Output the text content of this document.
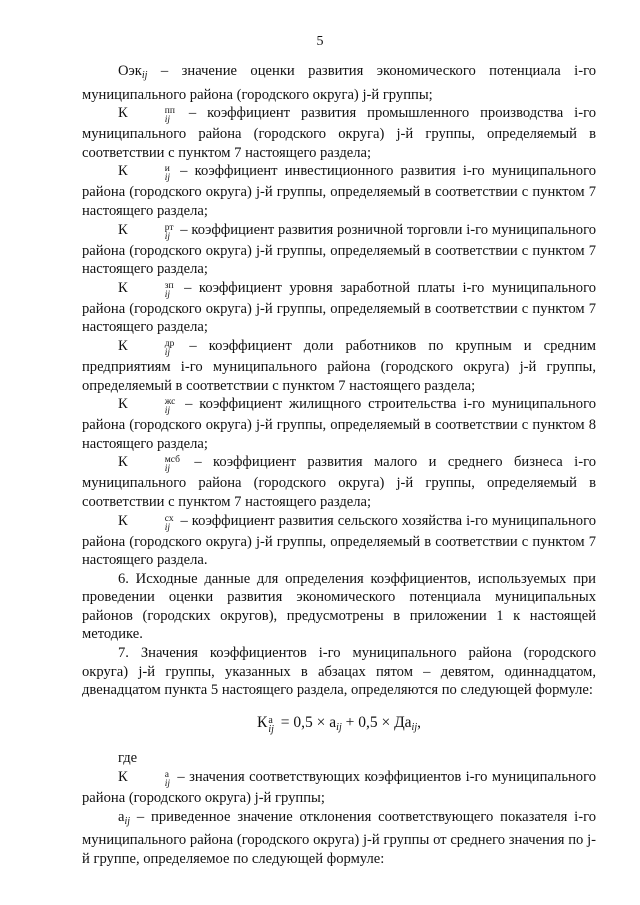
5

Оэк$_{ij}$ – значение оценки развития экономического потенциала i-го муниципального района (городского округа) j-й группы;

К	пп
ij – коэффициент развития промышленного производства i-го муниципального района (городского округа) j-й группы, определяемый в соответствии с пунктом 7 настоящего раздела;

К	и
ij – коэффициент инвестиционного развития i-го муниципального района (городского округа) j-й группы, определяемый в соответствии с пунктом 7 настоящего раздела;

К	рт
ij – коэффициент развития розничной торговли i-го муниципального района (городского округа) j-й группы, определяемый в соответствии с пунктом 7 настоящего раздела;

К	зп
ij – коэффициент уровня заработной платы i-го муниципального района (городского округа) j-й группы, определяемый в соответствии с пунктом 7 настоящего раздела;

К	др
ij – коэффициент доли работников по крупным и средним предприятиям i-го муниципального района (городского округа) j-й группы, определяемый в соответствии с пунктом 7 настоящего раздела;

К	жс
ij – коэффициент жилищного строительства i-го муниципального района (городского округа) j-й группы, определяемый в соответствии с пунктом 8 настоящего раздела;

К	мсб
ij – коэффициент развития малого и среднего бизнеса i-го муниципального района (городского округа) j-й группы, определяемый в соответствии с пунктом 7 настоящего раздела;

К	сх
ij – коэффициент развития сельского хозяйства i-го муниципального района (городского округа) j-й группы, определяемый в соответствии с пунктом 7 настоящего раздела.

6. Исходные данные для определения коэффициентов, используемых при проведении оценки развития экономического потенциала муниципальных районов (городских округов), предусмотрены в приложении 1 к настоящей методике.

7. Значения коэффициентов i-го муниципального района (городского округа) j-й группы, указанных в абзацах пятом – девятом, одиннадцатом, двенадцатом пункта 5 настоящего раздела, определяются по следующей формуле:

К а
ij = 0,5 × aij + 0,5 × Даij,

где

К	а
ij – значения соответствующих коэффициентов i-го муниципального района (городского округа) j-й группы;

$a_{ij}$ – приведенное значение отклонения соответствующего показателя i-го муниципального района (городского округа) j-й группы от среднего значения по j-й группе, определяемое по следующей формуле:
